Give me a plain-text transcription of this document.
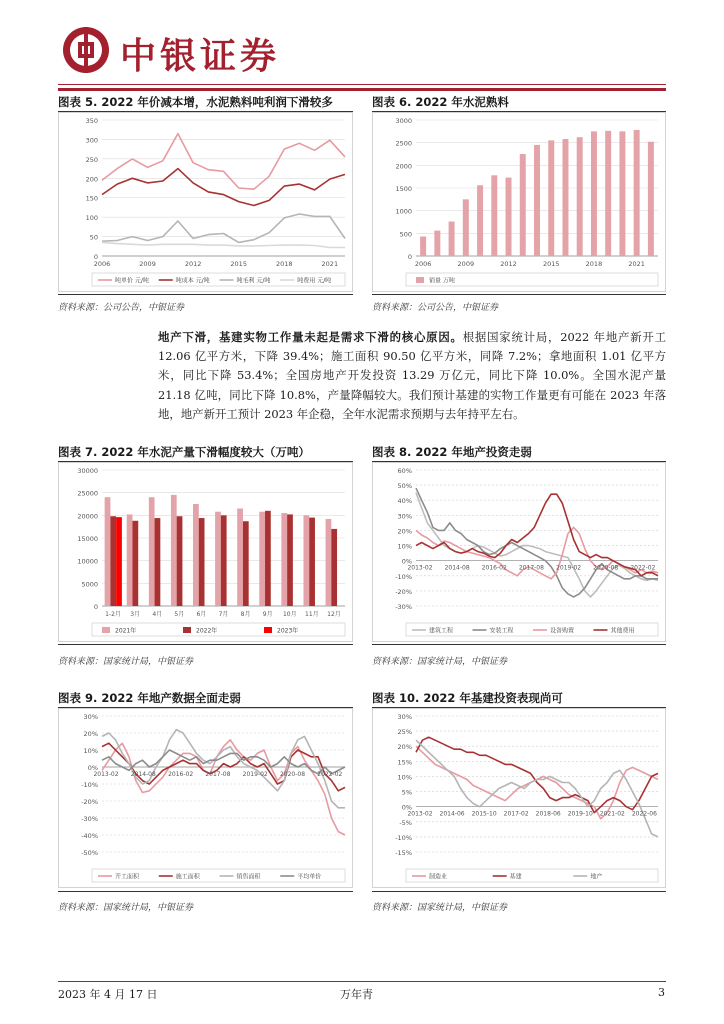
中银证券
图表 5. 2022 年价减本增，水泥熟料吨利润下滑较多
0
50
100
150
200
250
300
350
2006	2009	2012	2015	2018	2021
吨单价 元/吨	吨成本 元/吨	吨毛利 元/吨	吨费用 元/吨
资料来源：公司公告，中银证券
图表 6. 2022 年水泥熟料
0
500
1000
1500
2000
2500
3000
2006	2009	2012	2015	2018	2021
销量 万吨
资料来源：公司公告，中银证券
地产下滑，基建实物工作量未起是需求下滑的核心原因。根据国家统计局，2022 年地产新开工 12.06 亿平方米，下降 39.4%；施工面积 90.50 亿平方米，同降 7.2%；拿地面积 1.01 亿平方米，同比下降 53.4%；全国房地产开发投资 13.29 万亿元，同比下降 10.0%。全国水泥产量 21.18 亿吨，同比下降 10.8%，产量降幅较大。我们预计基建的实物工作量更有可能在 2023 年落地，地产新开工预计 2023 年企稳，全年水泥需求预期与去年持平左右。
图表 7. 2022 年水泥产量下滑幅度较大（万吨）
0
5000
10000
15000
20000
25000
30000
1-2月 3月 4月 5月 6月 7月 8月 9月 10月 11月 12月
2021年	2022年	2023年
资料来源：国家统计局，中银证券
图表 8. 2022 年地产投资走弱
-30%
-20%
-10%
0%
10%
20%
30%
40%
50%
60%
2013-02 2014-08 2016-02 2017-08 2019-02 2020-08 2022-02
建筑工程	安装工程	设备购置	其他费用
资料来源：国家统计局，中银证券
图表 9. 2022 年地产数据全面走弱
-50%
-40%
-30%
-20%
-10%
0%
10%
20%
30%
2013-02 2014-08 2016-02 2017-08 2019-02 2020-08 2022-02
开工面积	施工面积	销售面积	平均单价
资料来源：国家统计局，中银证券
图表 10. 2022 年基建投资表现尚可
-15%
-10%
-5%
0%
5%
10%
15%
20%
25%
30%
2013-02 2014-06 2015-10 2017-02 2018-06 2019-10 2021-02 2022-06
制造业	基建	地产
资料来源：国家统计局，中银证券
2023 年 4 月 17 日	万年青	3
